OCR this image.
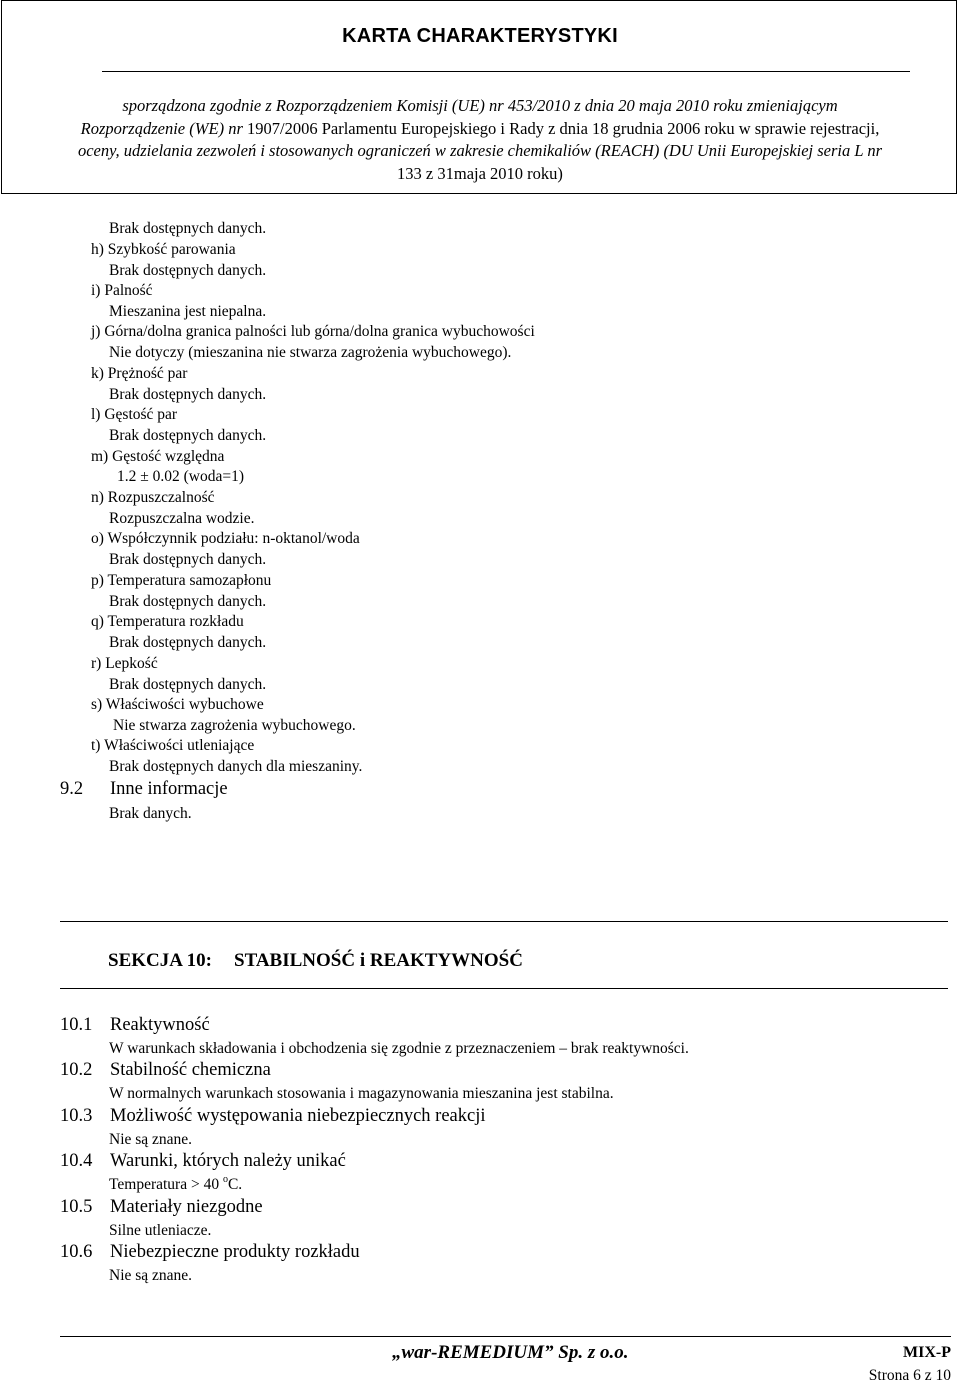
KARTA CHARAKTERYSTYKI
sporządzona zgodnie z Rozporządzeniem Komisji (UE) nr 453/2010 z dnia 20 maja 2010 roku zmieniającym
Rozporządzenie (WE) nr 1907/2006 Parlamentu Europejskiego i Rady z dnia 18 grudnia 2006 roku w sprawie rejestracji,
oceny, udzielania zezwoleń i stosowanych ograniczeń w zakresie chemikaliów (REACH) (DU Unii Europejskiej seria L nr
133 z 31maja 2010 roku)
Brak dostępnych danych.
h) Szybkość parowania
Brak dostępnych danych.
i) Palność
Mieszanina jest niepalna.
j) Górna/dolna granica palności lub górna/dolna granica wybuchowości
Nie dotyczy (mieszanina nie stwarza zagrożenia wybuchowego).
k) Prężność par
Brak dostępnych danych.
l) Gęstość par
Brak dostępnych danych.
m) Gęstość względna
1.2 ± 0.02 (woda=1)
n) Rozpuszczalność
Rozpuszczalna wodzie.
o) Współczynnik podziału: n-oktanol/woda
Brak dostępnych danych.
p) Temperatura samozapłonu
Brak dostępnych danych.
q) Temperatura rozkładu
Brak dostępnych danych.
r) Lepkość
Brak dostępnych danych.
s) Właściwości wybuchowe
Nie stwarza zagrożenia wybuchowego.
t) Właściwości utleniające
Brak dostępnych danych dla mieszaniny.
9.2 Inne informacje
Brak danych.
SEKCJA 10: STABILNOŚĆ i REAKTYWNOŚĆ
10.1 Reaktywność
W warunkach składowania i obchodzenia się zgodnie z przeznaczeniem – brak reaktywności.
10.2 Stabilność chemiczna
W normalnych warunkach stosowania i magazynowania mieszanina jest stabilna.
10.3 Możliwość występowania niebezpiecznych reakcji
Nie są znane.
10.4 Warunki, których należy unikać
Temperatura > 40 $^o$C.
10.5 Materiały niezgodne
Silne utleniacze.
10.6 Niebezpieczne produkty rozkładu
Nie są znane.
„war-REMEDIUM” Sp. z o.o.	MIX-P
Strona 6 z 10
